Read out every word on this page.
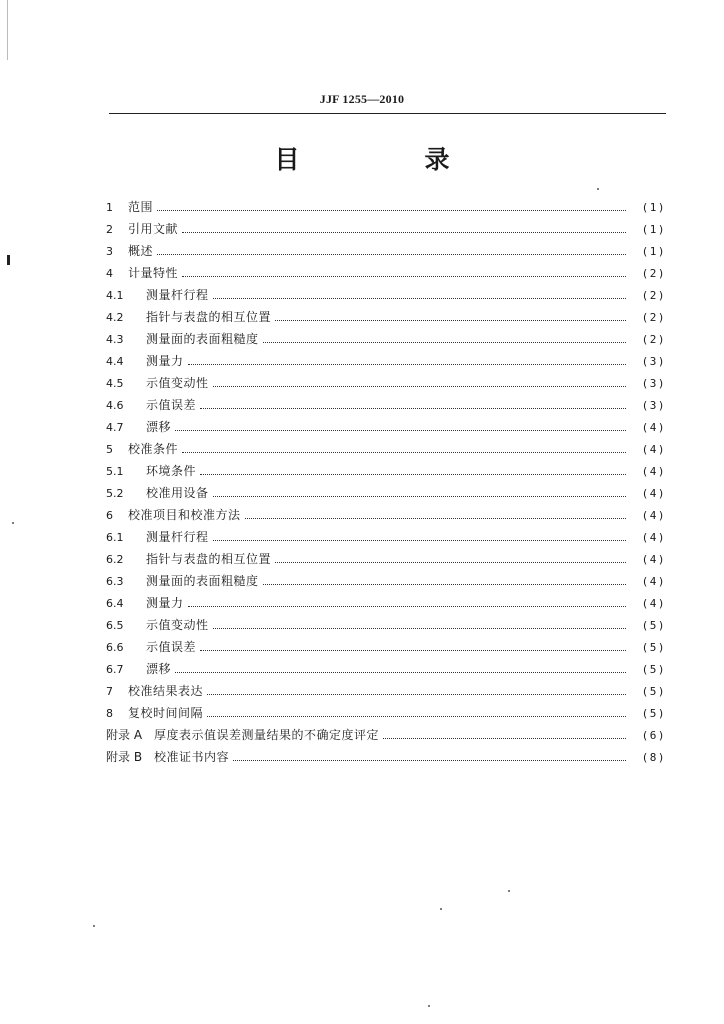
JJF 1255—2010
目　录
1	范围	(1)
2	引用文献	(1)
3	概述	(1)
4	计量特性	(2)
4.1	测量杆行程	(2)
4.2	指针与表盘的相互位置	(2)
4.3	测量面的表面粗糙度	(2)
4.4	测量力	(3)
4.5	示值变动性	(3)
4.6	示值误差	(3)
4.7	漂移	(4)
5	校准条件	(4)
5.1	环境条件	(4)
5.2	校准用设备	(4)
6	校准项目和校准方法	(4)
6.1	测量杆行程	(4)
6.2	指针与表盘的相互位置	(4)
6.3	测量面的表面粗糙度	(4)
6.4	测量力	(4)
6.5	示值变动性	(5)
6.6	示值误差	(5)
6.7	漂移	(5)
7	校准结果表达	(5)
8	复校时间间隔	(5)
附录 A 厚度表示值误差测量结果的不确定度评定	(6)
附录 B 校准证书内容	(8)
